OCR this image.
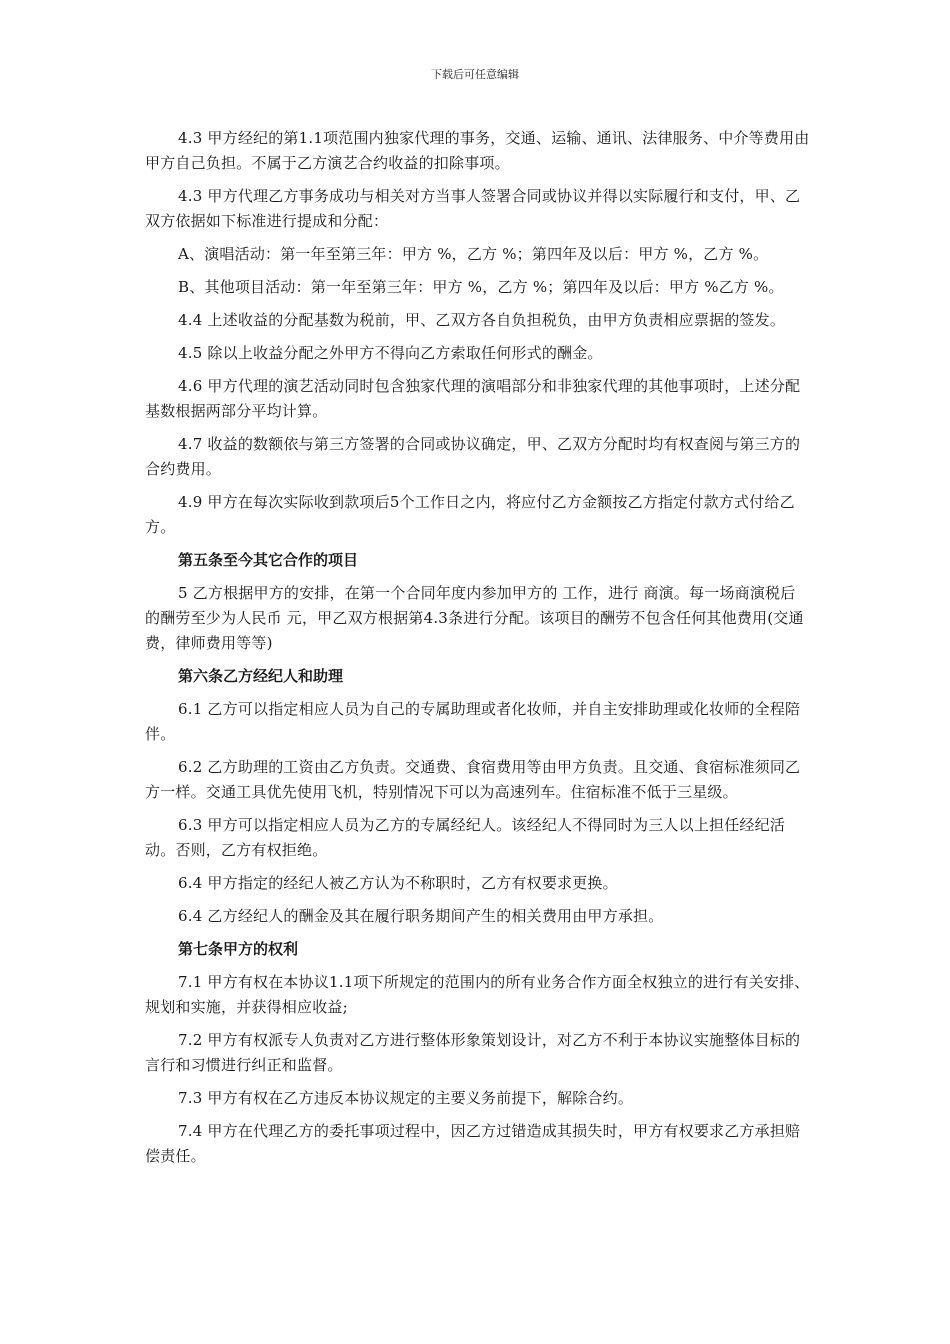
下载后可任意编辑

4.3 甲方经纪的第1.1项范围内独家代理的事务，交通、运输、通讯、法律服务、中介等费用由甲方自己负担。不属于乙方演艺合约收益的扣除事项。

4.3 甲方代理乙方事务成功与相关对方当事人签署合同或协议并得以实际履行和支付，甲、乙双方依据如下标准进行提成和分配：

A、演唱活动：第一年至第三年：甲方 %，乙方 %；第四年及以后：甲方 %，乙方 %。

B、其他项目活动：第一年至第三年：甲方 %，乙方 %；第四年及以后：甲方 %乙方 %。

4.4 上述收益的分配基数为税前，甲、乙双方各自负担税负，由甲方负责相应票据的签发。

4.5 除以上收益分配之外甲方不得向乙方索取任何形式的酬金。

4.6 甲方代理的演艺活动同时包含独家代理的演唱部分和非独家代理的其他事项时，上述分配基数根据两部分平均计算。

4.7 收益的数额依与第三方签署的合同或协议确定，甲、乙双方分配时均有权查阅与第三方的合约费用。

4.9 甲方在每次实际收到款项后5个工作日之内，将应付乙方金额按乙方指定付款方式付给乙方。

第五条至今其它合作的项目

5 乙方根据甲方的安排，在第一个合同年度内参加甲方的 工作，进行 商演。每一场商演税后的酬劳至少为人民币 元，甲乙双方根据第4.3条进行分配。该项目的酬劳不包含任何其他费用(交通费，律师费用等等)

第六条乙方经纪人和助理

6.1 乙方可以指定相应人员为自己的专属助理或者化妆师，并自主安排助理或化妆师的全程陪伴。

6.2 乙方助理的工资由乙方负责。交通费、食宿费用等由甲方负责。且交通、食宿标准须同乙方一样。交通工具优先使用飞机，特别情况下可以为高速列车。住宿标准不低于三星级。

6.3 甲方可以指定相应人员为乙方的专属经纪人。该经纪人不得同时为三人以上担任经纪活动。否则，乙方有权拒绝。

6.4 甲方指定的经纪人被乙方认为不称职时，乙方有权要求更换。

6.4 乙方经纪人的酬金及其在履行职务期间产生的相关费用由甲方承担。

第七条甲方的权利

7.1 甲方有权在本协议1.1项下所规定的范围内的所有业务合作方面全权独立的进行有关安排、规划和实施，并获得相应收益;

7.2 甲方有权派专人负责对乙方进行整体形象策划设计，对乙方不利于本协议实施整体目标的言行和习惯进行纠正和监督。

7.3 甲方有权在乙方违反本协议规定的主要义务前提下，解除合约。

7.4 甲方在代理乙方的委托事项过程中，因乙方过错造成其损失时，甲方有权要求乙方承担赔偿责任。
